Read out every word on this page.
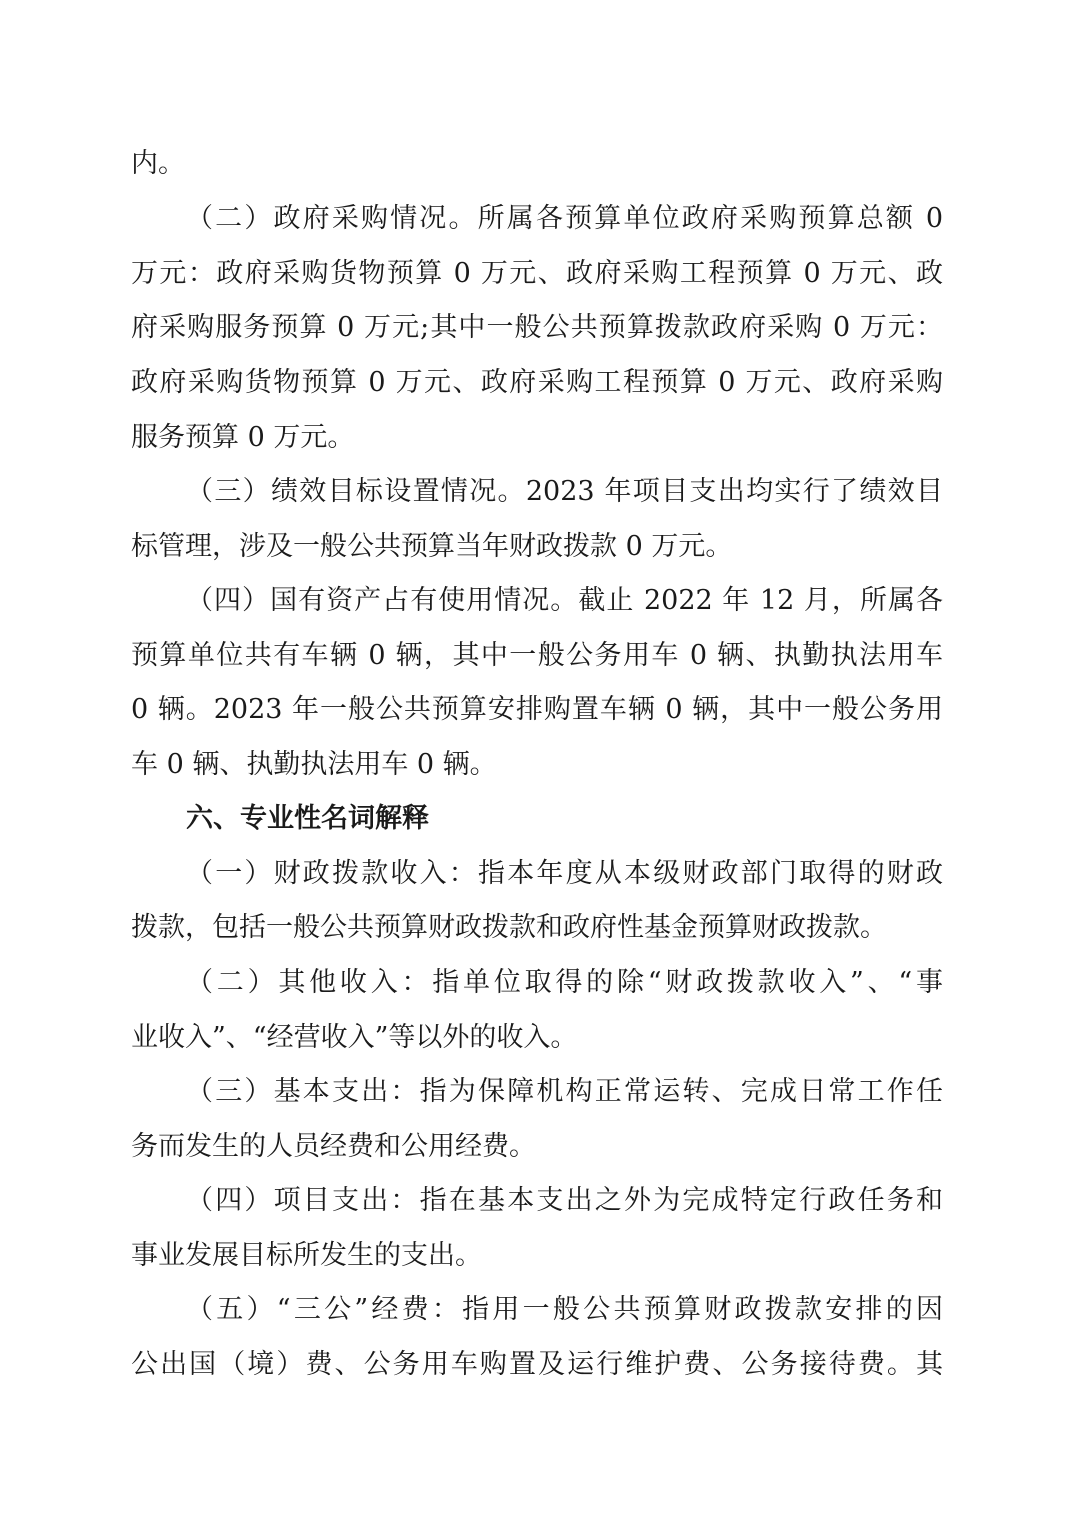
内。
（二）政府采购情况。所属各预算单位政府采购预算总额 0
万元：政府采购货物预算 0 万元、政府采购工程预算 0 万元、政
府采购服务预算 0 万元;其中一般公共预算拨款政府采购 0 万元：
政府采购货物预算 0 万元、政府采购工程预算 0 万元、政府采购
服务预算 0 万元。
（三）绩效目标设置情况。2023 年项目支出均实行了绩效目
标管理，涉及一般公共预算当年财政拨款 0 万元。
（四）国有资产占有使用情况。截止 2022 年 12 月，所属各
预算单位共有车辆 0 辆，其中一般公务用车 0 辆、执勤执法用车
0 辆。2023 年一般公共预算安排购置车辆 0 辆，其中一般公务用
车 0 辆、执勤执法用车 0 辆。
六、专业性名词解释
（一）财政拨款收入：指本年度从本级财政部门取得的财政
拨款，包括一般公共预算财政拨款和政府性基金预算财政拨款。
（二）其他收入：指单位取得的除“财政拨款收入”、“事
业收入”、“经营收入”等以外的收入。
（三）基本支出：指为保障机构正常运转、完成日常工作任
务而发生的人员经费和公用经费。
（四）项目支出：指在基本支出之外为完成特定行政任务和
事业发展目标所发生的支出。
（五）“三公”经费：指用一般公共预算财政拨款安排的因
公出国（境）费、公务用车购置及运行维护费、公务接待费。其
